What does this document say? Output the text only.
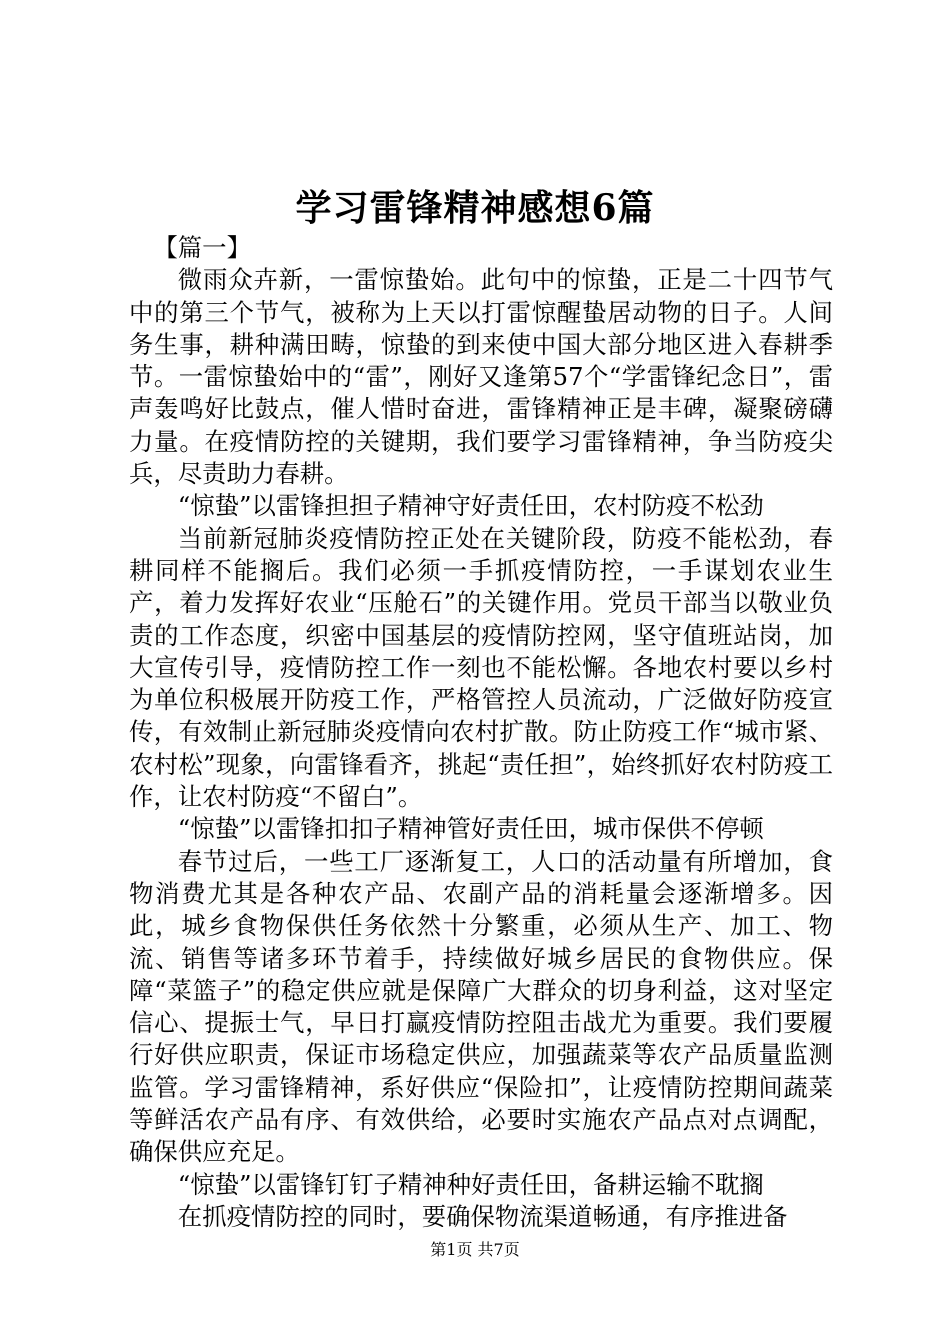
学习雷锋精神感想6篇

【篇一】

微雨众卉新，一雷惊蛰始。此句中的惊蛰，正是二十四节气中的第三个节气，被称为上天以打雷惊醒蛰居动物的日子。人间务生事，耕种满田畴，惊蛰的到来使中国大部分地区进入春耕季节。一雷惊蛰始中的“雷”，刚好又逢第57个“学雷锋纪念日”，雷声轰鸣好比鼓点，催人惜时奋进，雷锋精神正是丰碑，凝聚磅礴力量。在疫情防控的关键期，我们要学习雷锋精神，争当防疫尖兵，尽责助力春耕。

“惊蛰”以雷锋担担子精神守好责任田，农村防疫不松劲

当前新冠肺炎疫情防控正处在关键阶段，防疫不能松劲，春耕同样不能搁后。我们必须一手抓疫情防控，一手谋划农业生产，着力发挥好农业“压舱石”的关键作用。党员干部当以敬业负责的工作态度，织密中国基层的疫情防控网，坚守值班站岗，加大宣传引导，疫情防控工作一刻也不能松懈。各地农村要以乡村为单位积极展开防疫工作，严格管控人员流动，广泛做好防疫宣传，有效制止新冠肺炎疫情向农村扩散。防止防疫工作“城市紧、农村松”现象，向雷锋看齐，挑起“责任担”，始终抓好农村防疫工作，让农村防疫“不留白”。

“惊蛰”以雷锋扣扣子精神管好责任田，城市保供不停顿

春节过后，一些工厂逐渐复工，人口的活动量有所增加，食物消费尤其是各种农产品、农副产品的消耗量会逐渐增多。因此，城乡食物保供任务依然十分繁重，必须从生产、加工、物流、销售等诸多环节着手，持续做好城乡居民的食物供应。保障“菜篮子”的稳定供应就是保障广大群众的切身利益，这对坚定信心、提振士气，早日打赢疫情防控阻击战尤为重要。我们要履行好供应职责，保证市场稳定供应，加强蔬菜等农产品质量监测监管。学习雷锋精神，系好供应“保险扣”，让疫情防控期间蔬菜等鲜活农产品有序、有效供给，必要时实施农产品点对点调配，确保供应充足。

“惊蛰”以雷锋钉钉子精神种好责任田，备耕运输不耽搁

在抓疫情防控的同时，要确保物流渠道畅通，有序推进备

第1页 共7页
